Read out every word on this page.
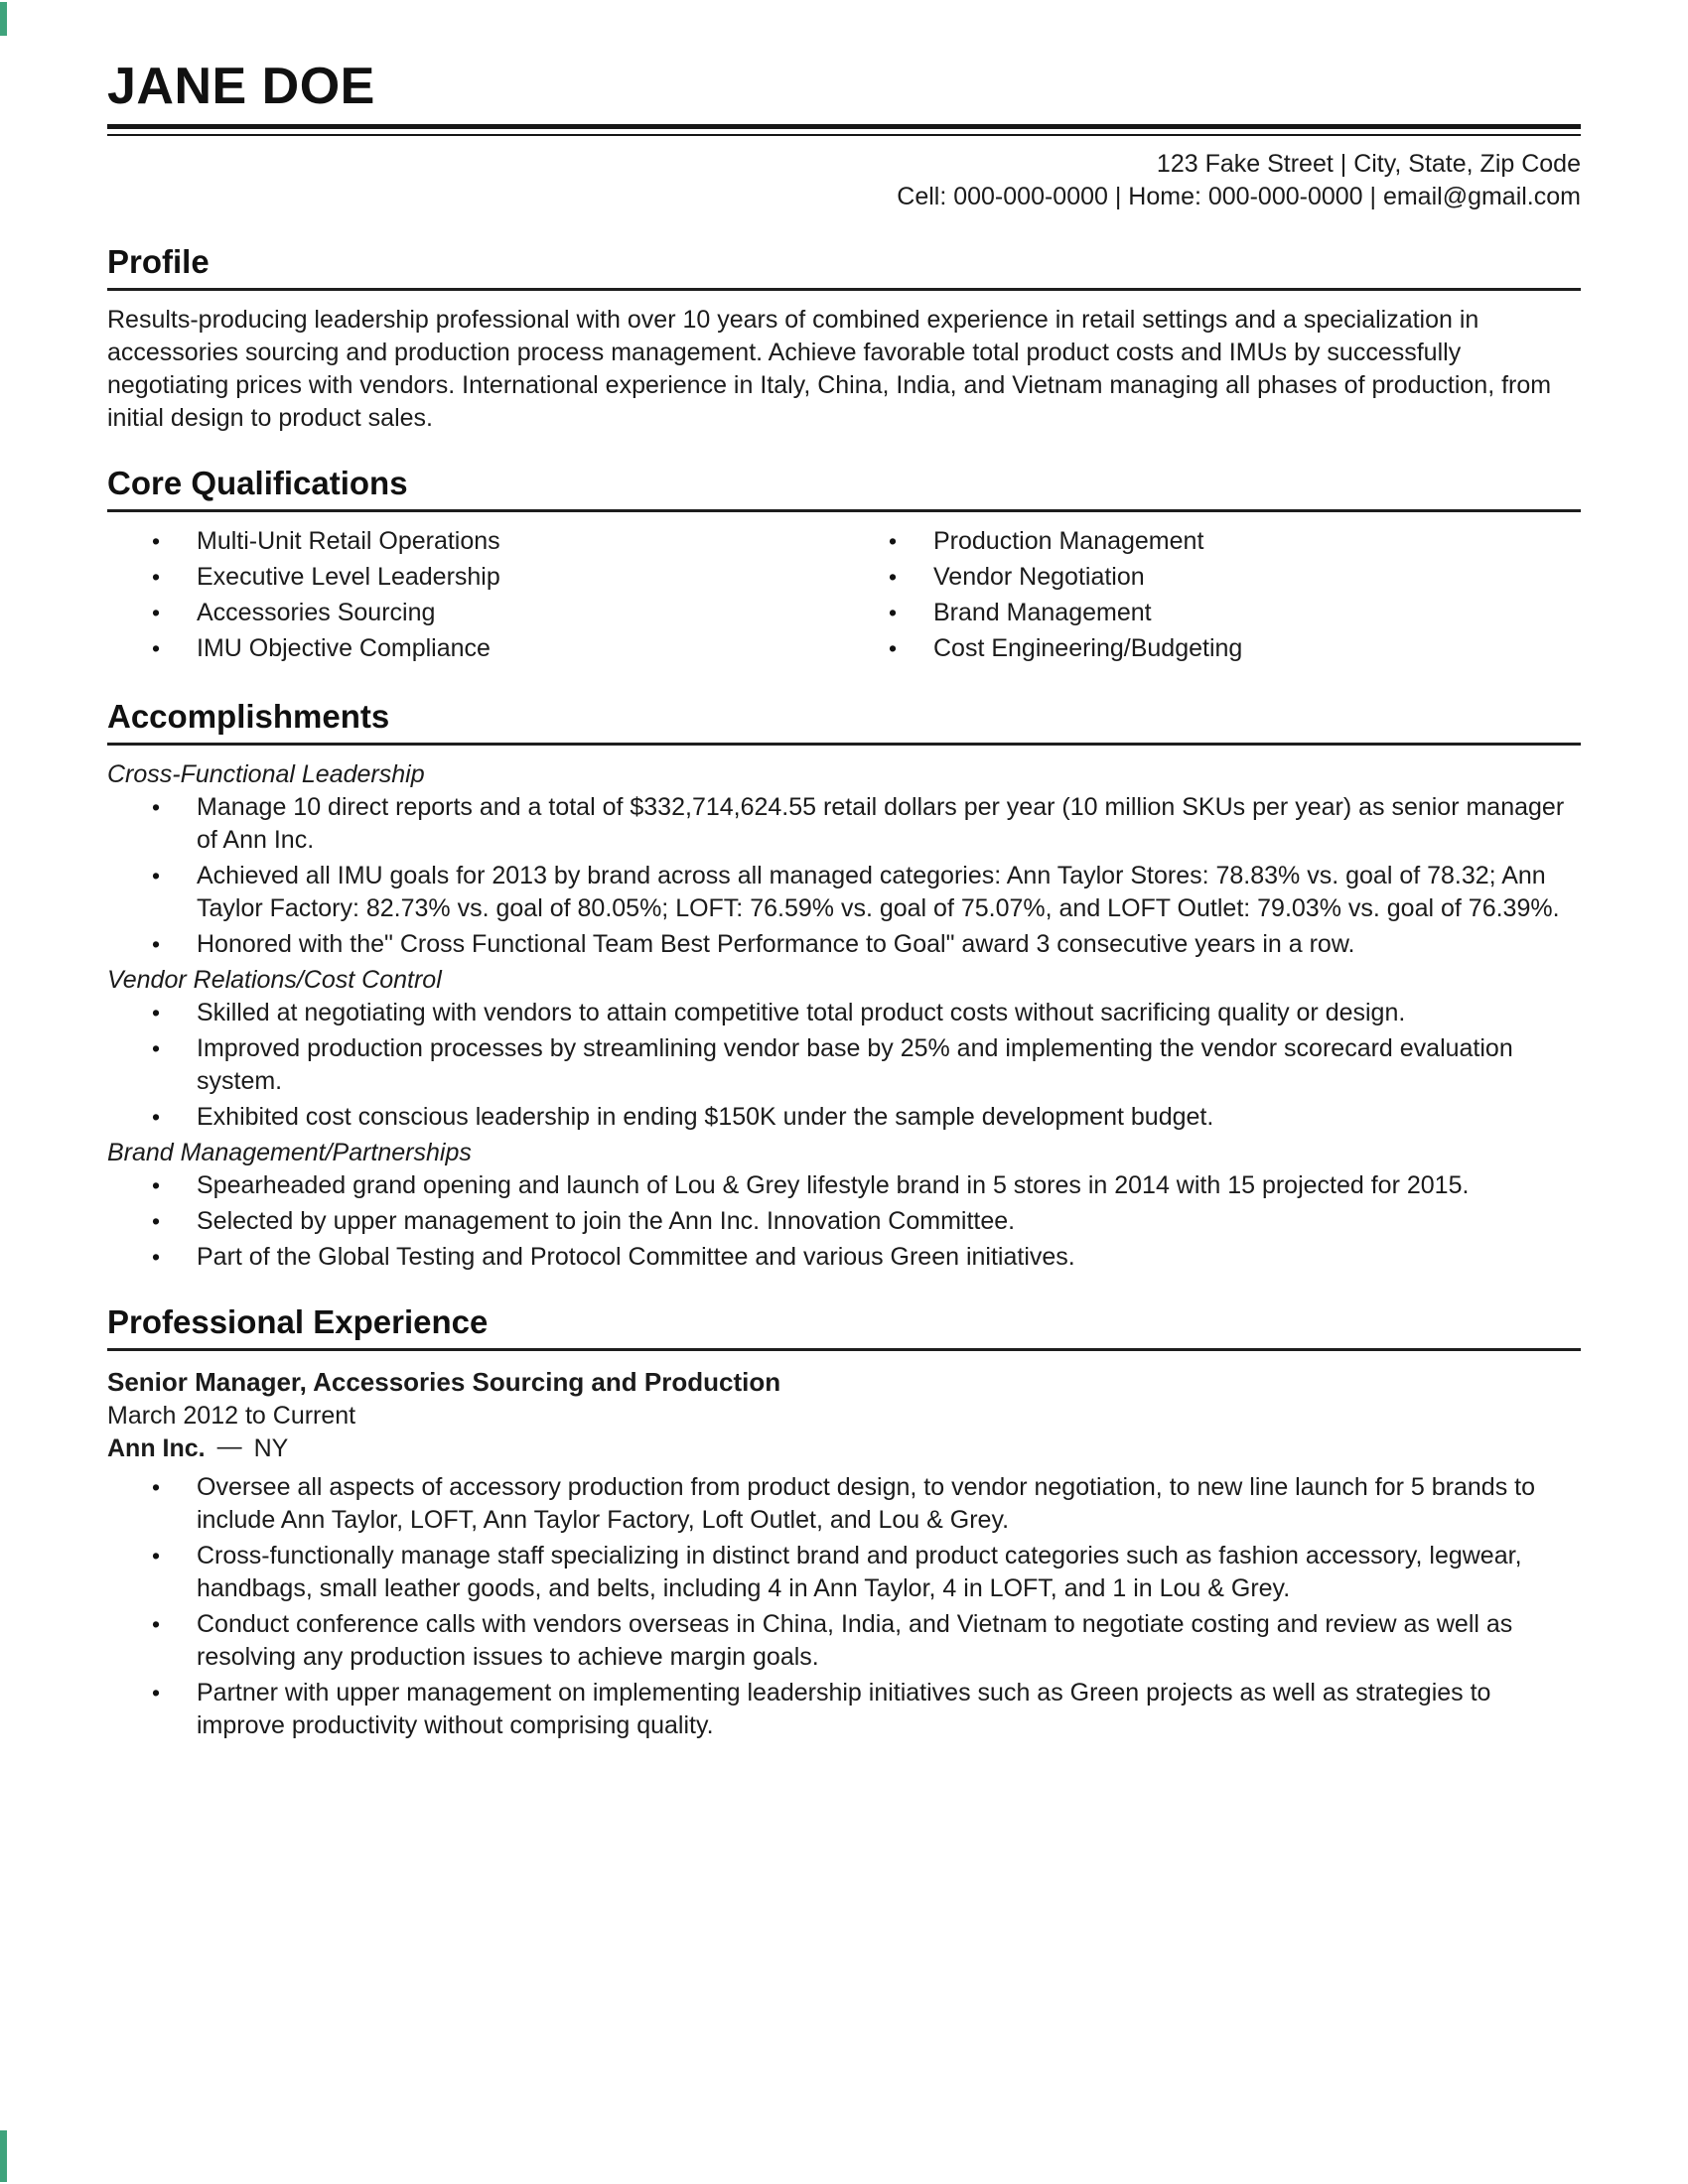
JANE DOE
123 Fake Street | City, State, Zip Code
Cell: 000-000-0000 | Home: 000-000-0000 | email@gmail.com
Profile

Results-producing leadership professional with over 10 years of combined experience in retail settings and a specialization in accessories sourcing and production process management. Achieve favorable total product costs and IMUs by successfully negotiating prices with vendors. International experience in Italy, China, India, and Vietnam managing all phases of production, from initial design to product sales.

Core Qualifications
•	Multi-Unit Retail Operations
•	Executive Level Leadership
•	Accessories Sourcing
•	IMU Objective Compliance
•	Production Management
•	Vendor Negotiation
•	Brand Management
•	Cost Engineering/Budgeting
Accomplishments
Cross-Functional Leadership
•	Manage 10 direct reports and a total of $332,714,624.55 retail dollars per year (10 million SKUs per year) as senior manager of Ann Inc.
•	Achieved all IMU goals for 2013 by brand across all managed categories: Ann Taylor Stores: 78.83% vs. goal of 78.32; Ann Taylor Factory: 82.73% vs. goal of 80.05%; LOFT: 76.59% vs. goal of 75.07%, and LOFT Outlet: 79.03% vs. goal of 76.39%.
•	Honored with the" Cross Functional Team Best Performance to Goal" award 3 consecutive years in a row.
Vendor Relations/Cost Control
•	Skilled at negotiating with vendors to attain competitive total product costs without sacrificing quality or design.
•	Improved production processes by streamlining vendor base by 25% and implementing the vendor scorecard evaluation system.
•	Exhibited cost conscious leadership in ending $150K under the sample development budget.
Brand Management/Partnerships
•	Spearheaded grand opening and launch of Lou & Grey lifestyle brand in 5 stores in 2014 with 15 projected for 2015.
•	Selected by upper management to join the Ann Inc. Innovation Committee.
•	Part of the Global Testing and Protocol Committee and various Green initiatives.
Professional Experience
Senior Manager, Accessories Sourcing and Production
March 2012 to Current
Ann Inc. — NY
•	Oversee all aspects of accessory production from product design, to vendor negotiation, to new line launch for 5 brands to include Ann Taylor, LOFT, Ann Taylor Factory, Loft Outlet, and Lou & Grey.
•	Cross-functionally manage staff specializing in distinct brand and product categories such as fashion accessory, legwear, handbags, small leather goods, and belts, including 4 in Ann Taylor, 4 in LOFT, and 1 in Lou & Grey.
•	Conduct conference calls with vendors overseas in China, India, and Vietnam to negotiate costing and review as well as resolving any production issues to achieve margin goals.
•	Partner with upper management on implementing leadership initiatives such as Green projects as well as strategies to improve productivity without comprising quality.
